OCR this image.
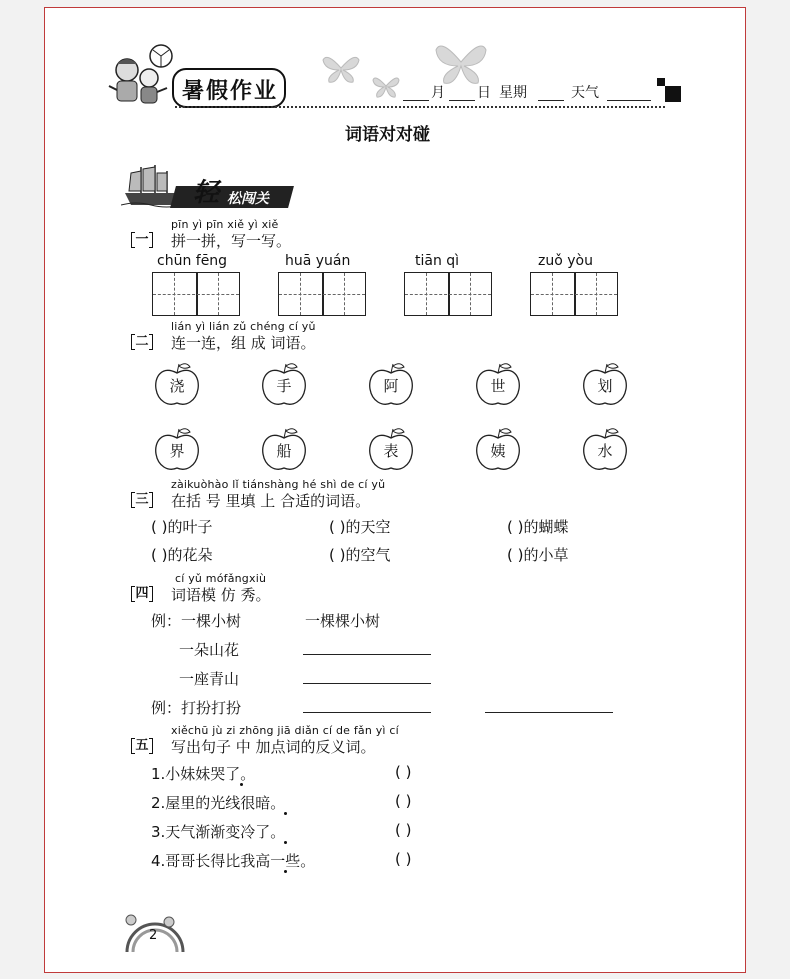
暑假作业	月 日 星期	天气
词语对对碰
轻 松闯关
pīn yì pīn xiě yì xiě
一	拼一拼，写一写。
chūn fēng	huā yuán	tiān qì	zuǒ yòu
lián yì lián zǔ chéng cí yǔ
二	连一连，组 成 词语。
浇	手	阿	世	划
界	船	表	姨	水
zàikuòhào lǐ tiánshàng hé shì de cí yǔ
三	在括 号 里填 上 合适的词语。
( )的叶子	( )的天空	( )的蝴蝶
( )的花朵	( )的空气	( )的小草
cí yǔ mófǎngxiù
四	词语模 仿 秀。
例：一棵小树	一棵棵小树
一朵山花
一座青山
例：打扮打扮
xiěchū jù zi zhōng jiā diǎn cí de fǎn yì cí
五	写出句子 中 加点词的反义词。
1.小妹妹哭了。	( )
2.屋里的光线很暗。	( )
3.天气渐渐变冷了。	( )
4.哥哥长得比我高一些。	( )
2
